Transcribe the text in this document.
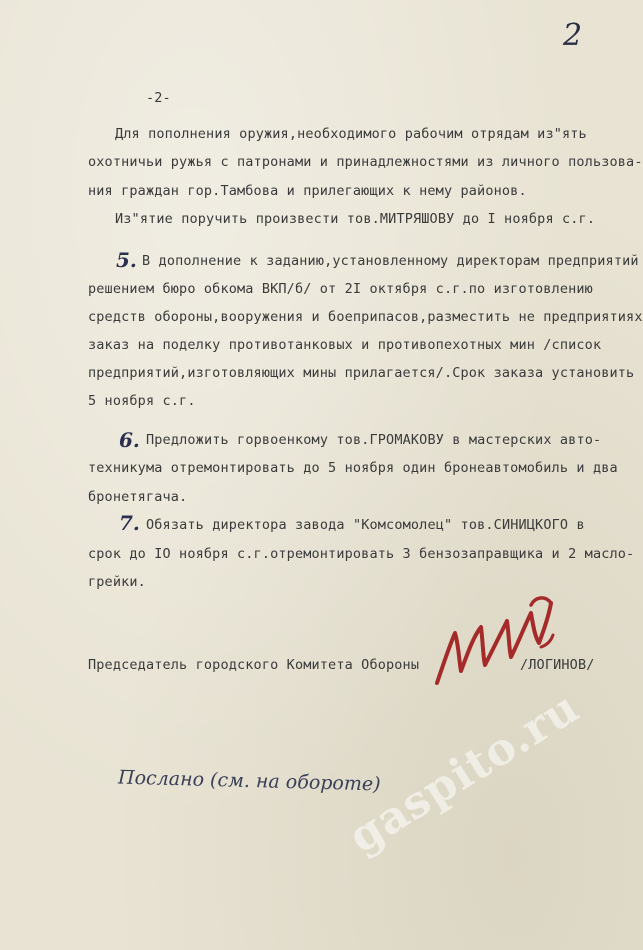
2
-2-
Для пополнения оружия,необходимого рабочим отрядам из"ять
охотничьи ружья с патронами и принадлежностями из личного пользова-
ния граждан гор.Тамбова и прилегающих к нему районов.
Из"ятие поручить произвести тов.МИТРЯШОВУ до I ноября с.г.
5. В дополнение к заданию,установленному директорам предприятий
решением бюро обкома ВКП/б/ от 2I октября с.г.по изготовлению
средств обороны,вооружения и боеприпасов,разместить не предприятиях
заказ на поделку противотанковых и противопехотных мин /список
предприятий,изготовляющих мины прилагается/.Срок заказа установить
5 ноября с.г.
6. Предложить горвоенкому тов.ГРОМАКОВУ в мастерских авто-
техникума отремонтировать до 5 ноября один бронеавтомобиль и два
бронетягача.
7. Обязать директора завода "Комсомолец" тов.СИНИЦКОГО в
срок до IO ноября с.г.отремонтировать 3 бензозаправщика и 2 масло-
грейки.
Председатель городского Комитета Обороны	/ЛОГИНОВ/
Послано (см. на обороте)
gaspito.ru
